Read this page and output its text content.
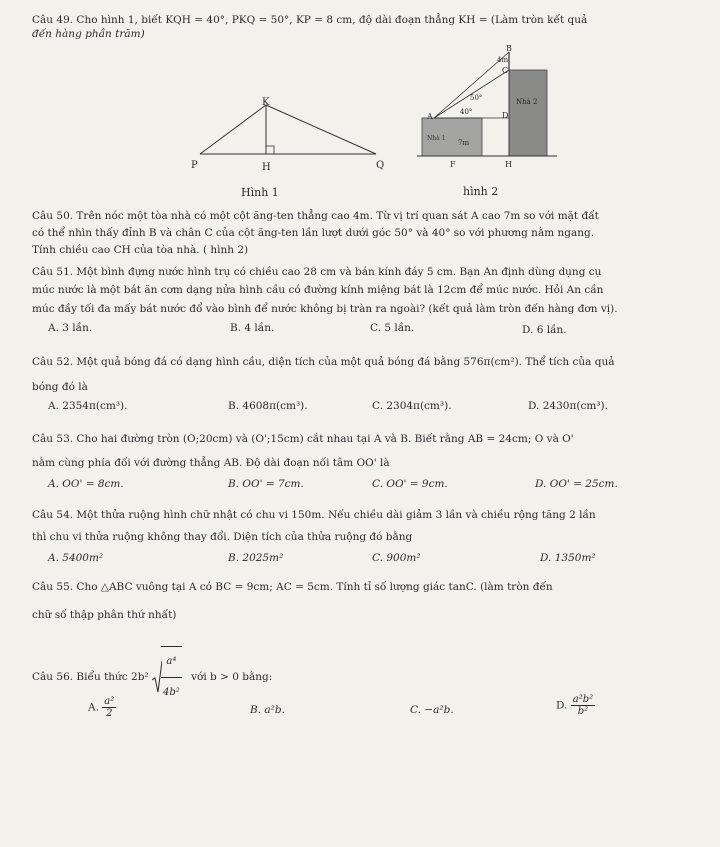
Câu 49. Cho hình 1, biết KQH = 40°, PKQ = 50°, KP = 8 cm, độ dài đoạn thẳng KH = (Làm tròn kết quả
đến hàng phần trăm)
K
P	H	Q
Hình 1
B
4m
C
50°
40°
A	D
Nhà 2
Nhà 1
7m
F	H
hình 2
Câu 50. Trên nóc một tòa nhà có một cột ăng-ten thẳng cao 4m. Từ vị trí quan sát A cao 7m so với mặt đất
có thể nhìn thấy đỉnh B và chân C của cột ăng-ten lần lượt dưới góc 50° và 40° so với phương nằm ngang.
Tính chiều cao CH của tòa nhà. ( hình 2)
Câu 51. Một bình đựng nước hình trụ có chiều cao 28 cm và bán kính đáy 5 cm. Bạn An định dùng dụng cụ
múc nước là một bát ăn cơm dạng nửa hình cầu có đường kính miệng bát là 12cm để múc nước. Hỏi An cần
múc đầy tối đa mấy bát nước đổ vào bình để nước không bị tràn ra ngoài? (kết quả làm tròn đến hàng đơn vị).
A. 3 lần.	B. 4 lần.	C. 5 lần.	D. 6 lần.
Câu 52. Một quả bóng đá có dạng hình cầu, diện tích của một quả bóng đá bằng 576π(cm²). Thể tích của quả
bóng đó là
A. 2354π(cm³).	B. 4608π(cm³).	C. 2304π(cm³).	D. 2430π(cm³).
Câu 53. Cho hai đường tròn (O;20cm) và (O';15cm) cắt nhau tại A và B. Biết rằng AB = 24cm; O và O'
nằm cùng phía đối với đường thẳng AB. Độ dài đoạn nối tâm OO' là
A. OO' = 8cm.	B. OO' = 7cm.	C. OO' = 9cm.	D. OO' = 25cm.
Câu 54. Một thửa ruộng hình chữ nhật có chu vi 150m. Nếu chiều dài giảm 3 lần và chiều rộng tăng 2 lần
thì chu vi thửa ruộng không thay đổi. Diện tích của thửa ruộng đó bằng
A. 5400m²	B. 2025m²	C. 900m²	D. 1350m²
Câu 55. Cho △ABC vuông tại A có BC = 9cm; AC = 5cm. Tính tỉ số lượng giác tanC. (làm tròn đến
chữ số thập phân thứ nhất)
Câu 56. Biểu thức $2b^2 \frac{\text{a⁴}}{\text{4b²}}$ với b > 0 bằng:
A. $\frac{\text{a²}}{2}$	B. a²b.	C. −a²b.	D. $\frac{\text{a²b²}}{\text{b²}}$
